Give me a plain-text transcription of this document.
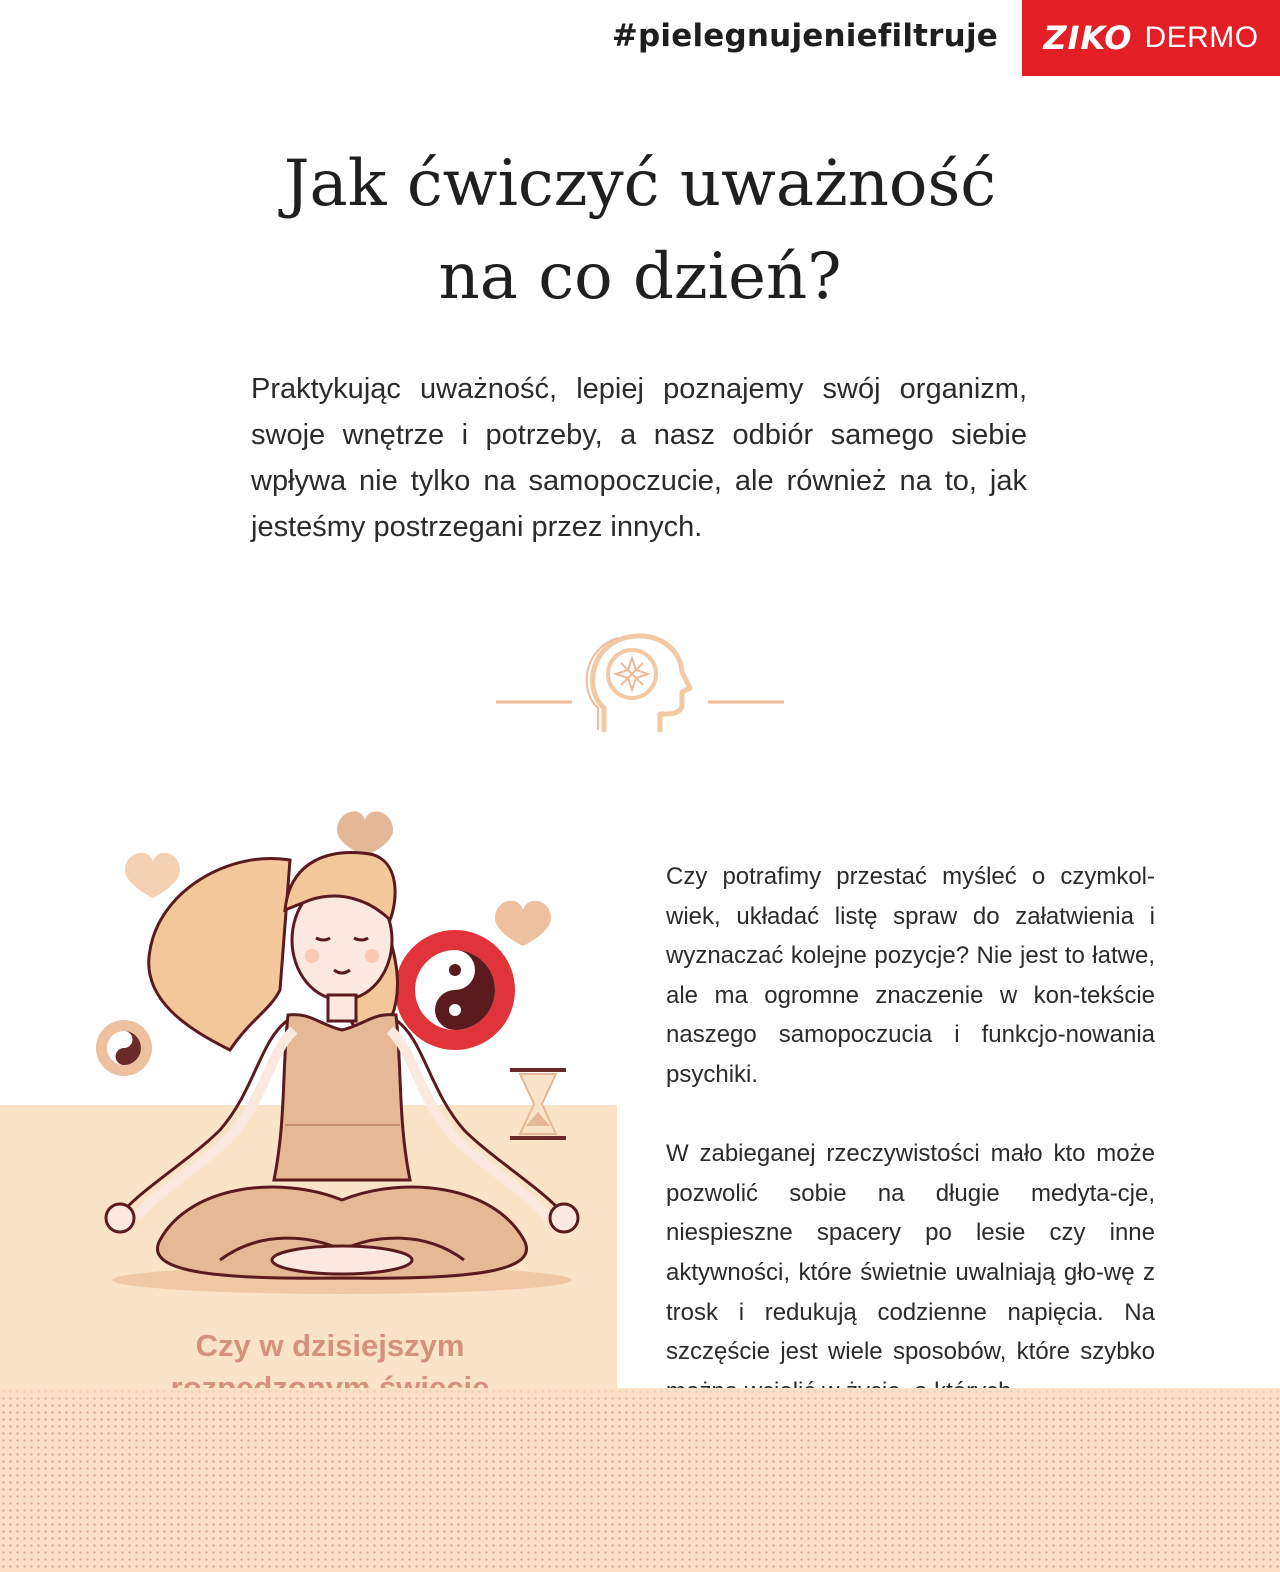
#pielegnujeniefiltruje ZIKO DERMO
Jak ćwiczyć uważność
na co dzień?

Praktykując uważność, lepiej poznajemy swój organizm, swoje wnętrze i potrzeby, a nasz odbiór samego siebie wpływa nie tylko na samopoczucie, ale również na to, jak jesteśmy postrzegani przez innych.

Czy w dzisiejszym

Czy potrafimy przestać myśleć o czymkol-wiek, układać listę spraw do załatwienia i wyznaczać kolejne pozycje? Nie jest to łatwe, ale ma ogromne znaczenie w kon-tekście naszego samopoczucia i funkcjo-nowania psychiki.

W zabieganej rzeczywistości mało kto może pozwolić sobie na długie medyta-cje, niespieszne spacery po lesie czy inne aktywności, które świetnie uwalniają gło-wę z trosk i redukują codzienne napięcia. Na szczęście jest wiele sposobów, które szybko
